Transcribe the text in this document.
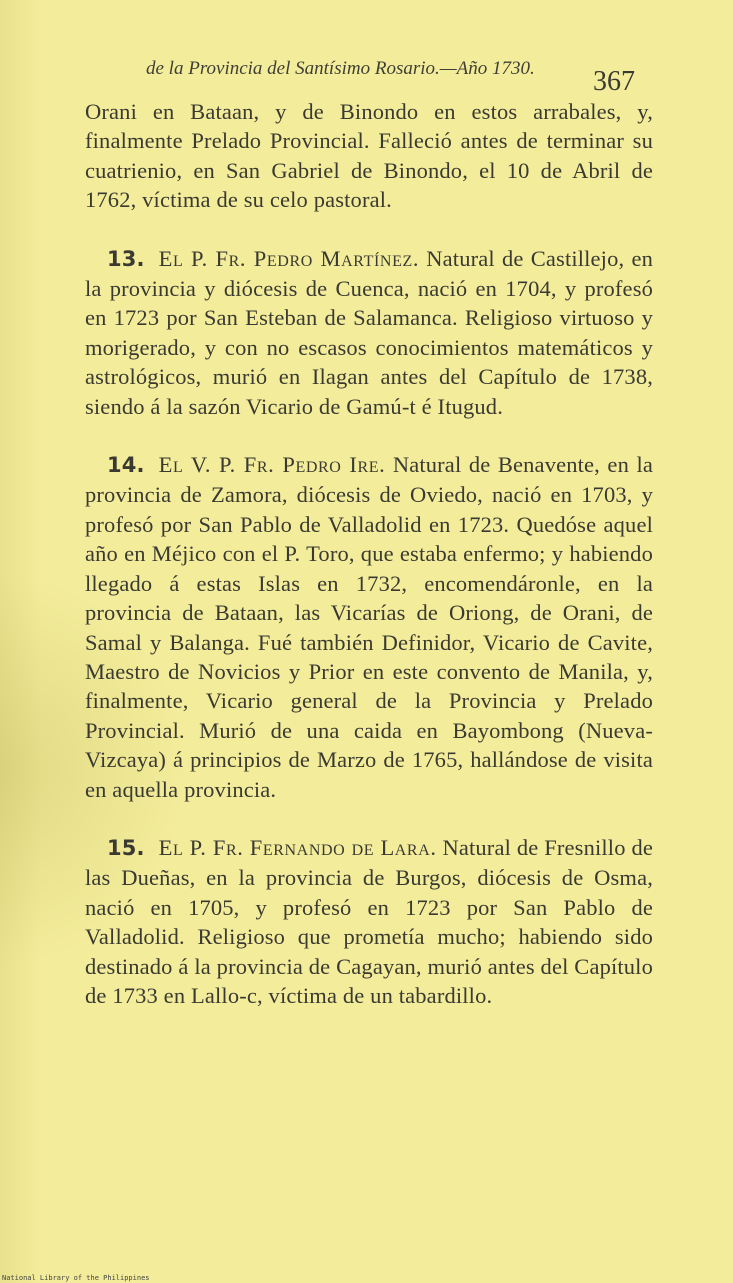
de la Provincia del Santísimo Rosario.—Año 1730.	367

Orani en Bataan, y de Binondo en estos arrabales, y, finalmente Prelado Provincial. Falleció antes de terminar su cuatrienio, en San Gabriel de Binondo, el 10 de Abril de 1762, víctima de su celo pastoral.

13. El P. Fr. Pedro Martínez. Natural de Castillejo, en la provincia y diócesis de Cuenca, nació en 1704, y profesó en 1723 por San Esteban de Salamanca. Religioso virtuoso y morigerado, y con no escasos conocimientos matemáticos y astrológicos, murió en Ilagan antes del Capítulo de 1738, siendo á la sazón Vicario de Gamú-t é Itugud.

14. El V. P. Fr. Pedro Ire. Natural de Benavente, en la provincia de Zamora, diócesis de Oviedo, nació en 1703, y profesó por San Pablo de Valladolid en 1723. Quedóse aquel año en Méjico con el P. Toro, que estaba enfermo; y habiendo llegado á estas Islas en 1732, encomendáronle, en la provincia de Bataan, las Vicarías de Oriong, de Orani, de Samal y Balanga. Fué también Definidor, Vicario de Cavite, Maestro de Novicios y Prior en este convento de Manila, y, finalmente, Vicario general de la Provincia y Prelado Provincial. Murió de una caida en Bayombong (Nueva-Vizcaya) á principios de Marzo de 1765, hallándose de visita en aquella provincia.

15. El P. Fr. Fernando de Lara. Natural de Fresnillo de las Dueñas, en la provincia de Burgos, diócesis de Osma, nació en 1705, y profesó en 1723 por San Pablo de Valladolid. Religioso que prometía mucho; habiendo sido destinado á la provincia de Cagayan, murió antes del Capítulo de 1733 en Lallo-c, víctima de un tabardillo.

National Library of the Philippines
